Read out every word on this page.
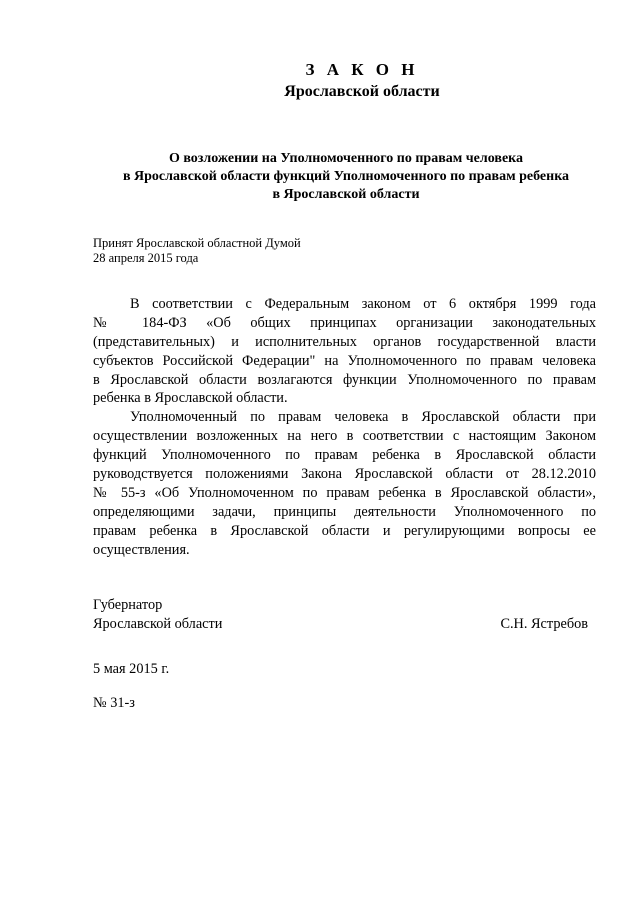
З А К О Н
Ярославской области
О возложении на Уполномоченного по правам человека
в Ярославской области функций Уполномоченного по правам ребенка
в Ярославской области
Принят Ярославской областной Думой
28 апреля 2015 года
В соответствии с Федеральным законом от 6 октября 1999 года
№ 184-ФЗ «Об общих принципах организации законодательных
(представительных) и исполнительных органов государственной власти
субъектов Российской Федерации" на Уполномоченного по правам человека
в Ярославской области возлагаются функции Уполномоченного по правам
ребенка в Ярославской области.
Уполномоченный по правам человека в Ярославской области при
осуществлении возложенных на него в соответствии с настоящим Законом
функций Уполномоченного по правам ребенка в Ярославской области
руководствуется положениями Закона Ярославской области от 28.12.2010
№ 55-з «Об Уполномоченном по правам ребенка в Ярославской области»,
определяющими задачи, принципы деятельности Уполномоченного по
правам ребенка в Ярославской области и регулирующими вопросы ее
осуществления.
Губернатор
Ярославской области	С.Н. Ястребов
5 мая 2015 г.
№ 31-з
